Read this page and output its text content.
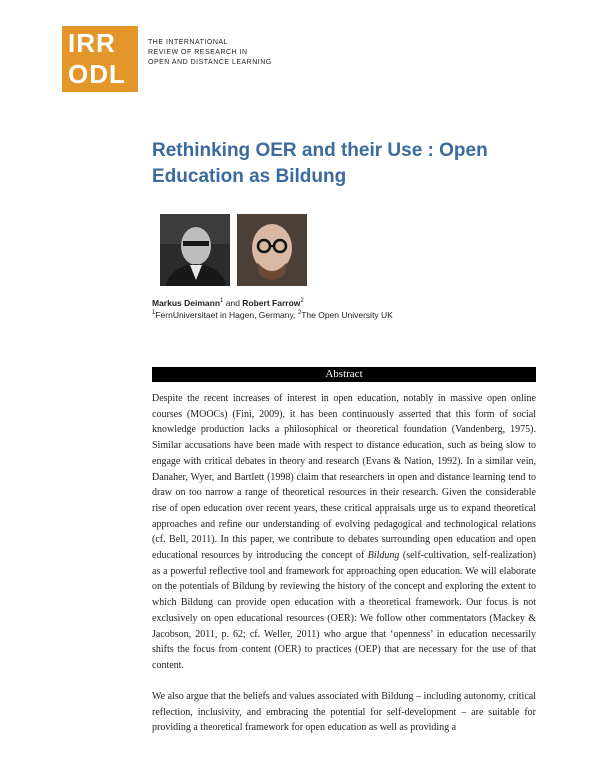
IRR
ODL
THE INTERNATIONAL
REVIEW OF RESEARCH IN
OPEN AND DISTANCE LEARNING
Rethinking OER and their Use : Open Education as Bildung
Markus Deimann$^1$ and Robert Farrow$^2$
$^1$FernUniversitaet in Hagen, Germany, $^2$The Open University UK
Abstract

Despite the recent increases of interest in open education, notably in massive open online courses (MOOCs) (Fini, 2009), it has been continuously asserted that this form of social knowledge production lacks a philosophical or theoretical foundation (Vandenberg, 1975). Similar accusations have been made with respect to distance education, such as being slow to engage with critical debates in theory and research (Evans & Nation, 1992). In a similar vein, Danaher, Wyer, and Bartlett (1998) claim that researchers in open and distance learning tend to draw on too narrow a range of theoretical resources in their research. Given the considerable rise of open education over recent years, these critical appraisals urge us to expand theoretical approaches and refine our understanding of evolving pedagogical and technological relations (cf. Bell, 2011). In this paper, we contribute to debates surrounding open education and open educational resources by introducing the concept of Bildung (self-cultivation, self-realization) as a powerful reflective tool and framework for approaching open education. We will elaborate on the potentials of Bildung by reviewing the history of the concept and exploring the extent to which Bildung can provide open education with a theoretical framework. Our focus is not exclusively on open educational resources (OER): We follow other commentators (Mackey & Jacobson, 2011, p. 62; cf. Weller, 2011) who argue that ‘openness’ in education necessarily shifts the focus from content (OER) to practices (OEP) that are necessary for the use of that content.

We also argue that the beliefs and values associated with Bildung – including autonomy, critical reflection, inclusivity, and embracing the potential for self-development – are suitable for providing a theoretical framework for open education as well as providing a
